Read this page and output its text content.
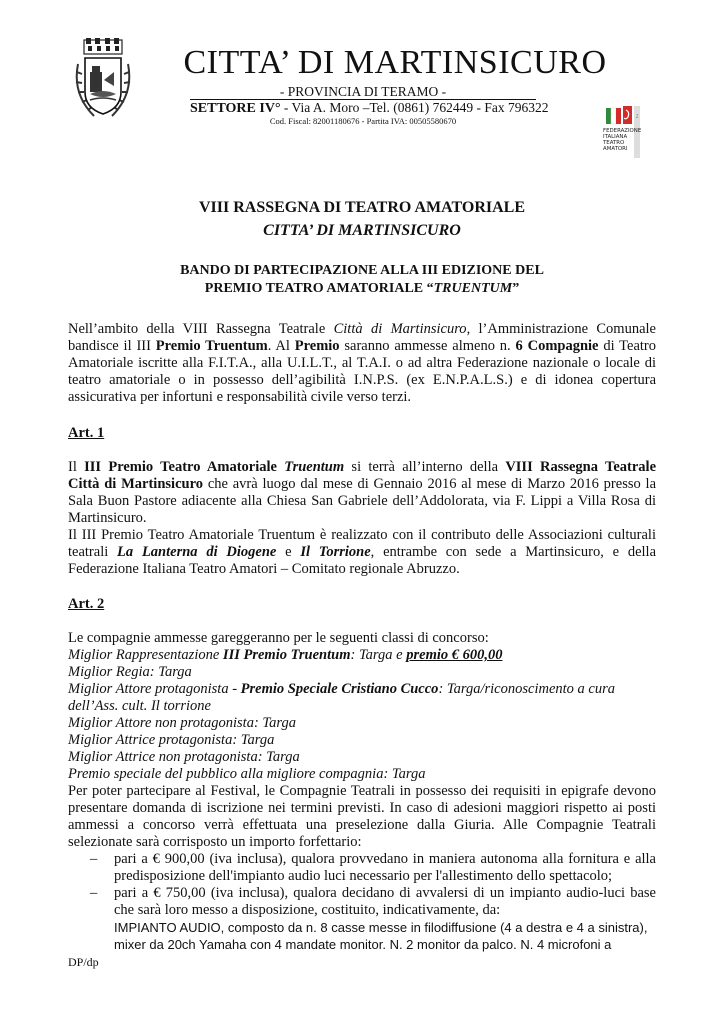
CITTA’ DI MARTINSICURO
- PROVINCIA DI TERAMO -
SETTORE IV° - Via A. Moro –Tel. (0861) 762449 - Fax 796322
Cod. Fiscal: 82001180676 - Partita IVA: 00505580670	2
FEDERAZIONE
ITALIANA
TEATRO
AMATORI
VIII RASSEGNA DI TEATRO AMATORIALE
CITTA’ DI MARTINSICURO
BANDO DI PARTECIPAZIONE ALLA III EDIZIONE DEL
PREMIO TEATRO AMATORIALE “TRUENTUM”
Nell’ambito della VIII Rassegna Teatrale Città di Martinsicuro, l’Amministrazione Comunale
bandisce il III Premio Truentum. Al Premio saranno ammesse almeno n. 6 Compagnie di Teatro
Amatoriale iscritte alla F.I.T.A., alla U.I.L.T., al T.A.I. o ad altra Federazione nazionale o locale di
teatro amatoriale o in possesso dell’agibilità I.N.P.S. (ex E.N.P.A.L.S.) e di idonea copertura
assicurativa per infortuni e responsabilità civile verso terzi.
Art. 1
Il III Premio Teatro Amatoriale Truentum si terrà all’interno della VIII Rassegna Teatrale
Città di Martinsicuro che avrà luogo dal mese di Gennaio 2016 al mese di Marzo 2016 presso la
Sala Buon Pastore adiacente alla Chiesa San Gabriele dell’Addolorata, via F. Lippi a Villa Rosa di
Martinsicuro.
Il III Premio Teatro Amatoriale Truentum è realizzato con il contributo delle Associazioni culturali
teatrali La Lanterna di Diogene e Il Torrione, entrambe con sede a Martinsicuro, e della
Federazione Italiana Teatro Amatori – Comitato regionale Abruzzo.
Art. 2
Le compagnie ammesse gareggeranno per le seguenti classi di concorso:
Miglior Rappresentazione III Premio Truentum: Targa e premio € 600,00
Miglior Regia: Targa
Miglior Attore protagonista - Premio Speciale Cristiano Cucco: Targa/riconoscimento a cura
dell’Ass. cult. Il torrione
Miglior Attore non protagonista: Targa
Miglior Attrice protagonista: Targa
Miglior Attrice non protagonista: Targa
Premio speciale del pubblico alla migliore compagnia: Targa
Per poter partecipare al Festival, le Compagnie Teatrali in possesso dei requisiti in epigrafe devono
presentare domanda di iscrizione nei termini previsti. In caso di adesioni maggiori rispetto ai posti
ammessi a concorso verrà effettuata una preselezione dalla Giuria. Alle Compagnie Teatrali
selezionate sarà corrisposto un importo forfettario:
– pari a € 900,00 (iva inclusa), qualora provvedano in maniera autonoma alla fornitura e alla
predisposizione dell'impianto audio luci necessario per l'allestimento dello spettacolo;
– pari a € 750,00 (iva inclusa), qualora decidano di avvalersi di un impianto audio-luci base
che sarà loro messo a disposizione, costituito, indicativamente, da:
IMPIANTO AUDIO, composto da n. 8 casse messe in filodiffusione (4 a destra e 4 a sinistra),
mixer da 20ch Yamaha con 4 mandate monitor. N. 2 monitor da palco. N. 4 microfoni a
DP/dp
